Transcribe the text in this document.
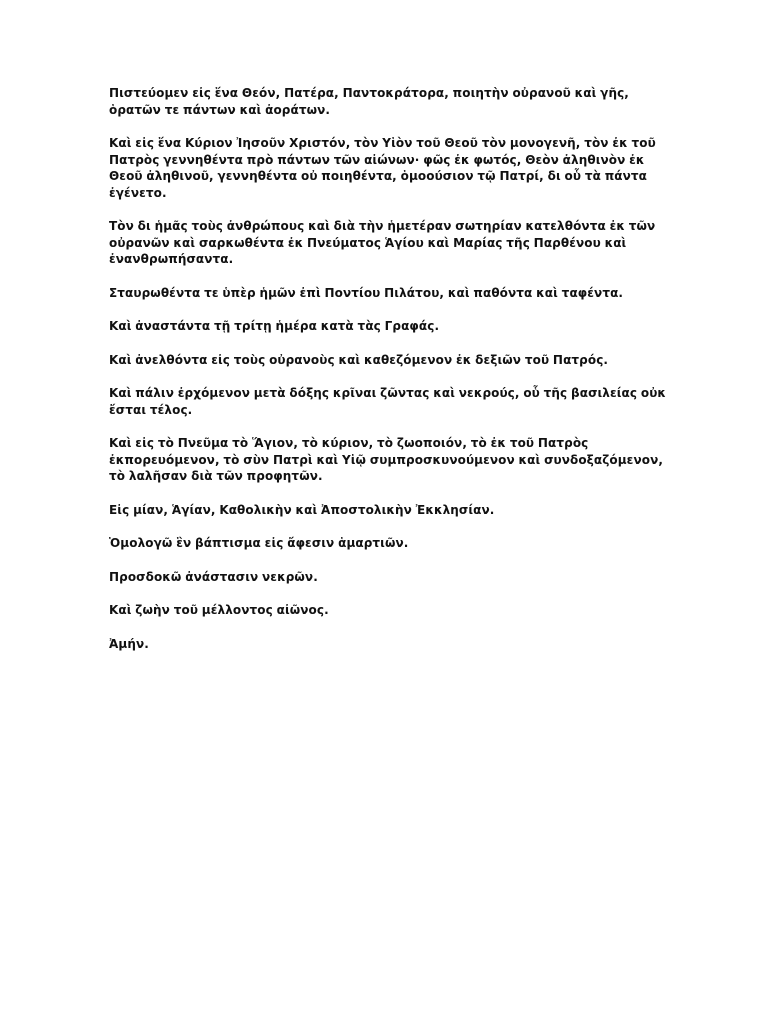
Πιστεύομεν εἰς ἕνα Θεόν, Πατέρα, Παντοκράτορα, ποιητὴν οὐρανοῦ καὶ γῆς, ὁρατῶν τε πάντων καὶ ἀοράτων.

Καὶ εἰς ἕνα Κύριον Ἰησοῦν Χριστόν, τὸν Υἱὸν τοῦ Θεοῦ τὸν μονογενῆ, τὸν ἐκ τοῦ Πατρὸς γεννηθέντα πρὸ πάντων τῶν αἰώνων· φῶς ἐκ φωτός, Θεὸν ἀληθινὸν ἐκ Θεοῦ ἀληθινοῦ, γεννηθέντα οὐ ποιηθέντα, ὁμοούσιον τῷ Πατρί, δι οὗ τὰ πάντα ἐγένετο.

Τὸν δι ἡμᾶς τοὺς ἀνθρώπους καὶ διὰ τὴν ἡμετέραν σωτηρίαν κατελθόντα ἐκ τῶν οὐρανῶν καὶ σαρκωθέντα ἐκ Πνεύματος Ἁγίου καὶ Μαρίας τῆς Παρθένου καὶ ἐνανθρωπήσαντα.

Σταυρωθέντα τε ὑπὲρ ἡμῶν ἐπὶ Ποντίου Πιλάτου, καὶ παθόντα καὶ ταφέντα.

Καὶ ἀναστάντα τῇ τρίτῃ ἡμέρα κατὰ τὰς Γραφάς.

Καὶ ἀνελθόντα εἰς τοὺς οὐρανοὺς καὶ καθεζόμενον ἐκ δεξιῶν τοῦ Πατρός.

Καὶ πάλιν ἐρχόμενον μετὰ δόξης κρῖναι ζῶντας καὶ νεκρούς, οὗ τῆς βασιλείας οὐκ ἔσται τέλος.

Καὶ εἰς τὸ Πνεῦμα τὸ Ἅγιον, τὸ κύριον, τὸ ζωοποιόν, τὸ ἐκ τοῦ Πατρὸς ἐκπορευόμενον, τὸ σὺν Πατρὶ καὶ Υἱῷ συμπροσκυνούμενον καὶ συνδοξαζόμενον, τὸ λαλῆσαν διὰ τῶν προφητῶν.

Εἰς μίαν, Ἁγίαν, Καθολικὴν καὶ Ἀποστολικὴν Ἐκκλησίαν.

Ὁμολογῶ ἓν βάπτισμα εἰς ἄφεσιν ἁμαρτιῶν.

Προσδοκῶ ἀνάστασιν νεκρῶν.

Καὶ ζωὴν τοῦ μέλλοντος αἰῶνος.

Ἀμήν.
